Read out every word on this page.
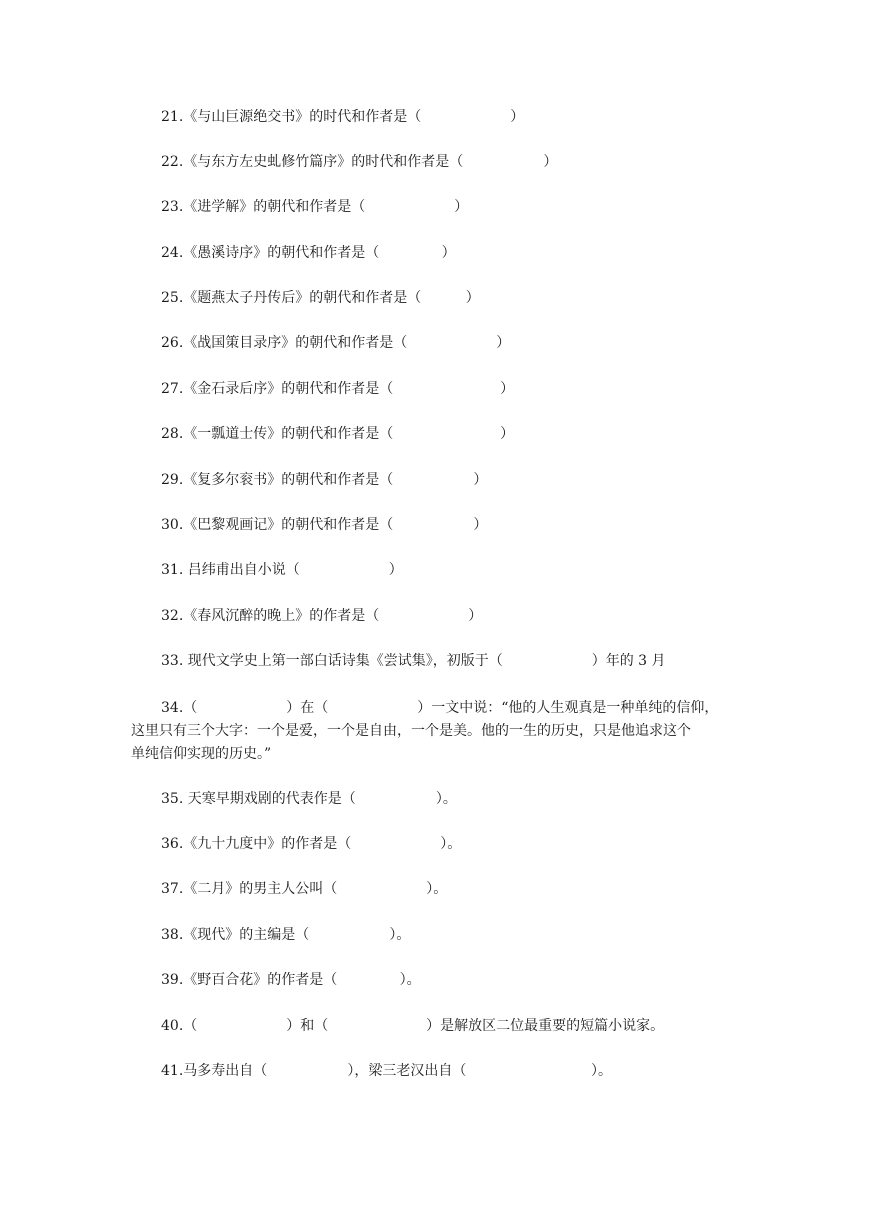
21.《与山巨源绝交书》的时代和作者是（                    ）
22.《与东方左史虬修竹篇序》的时代和作者是（                  ）
23.《进学解》的朝代和作者是（                    ）
24.《愚溪诗序》的朝代和作者是（              ）
25.《题燕太子丹传后》的朝代和作者是（          ）
26.《战国策目录序》的朝代和作者是（                    ）
27.《金石录后序》的朝代和作者是（                        ）
28.《一瓢道士传》的朝代和作者是（                        ）
29.《复多尔衮书》的朝代和作者是（                  ）
30.《巴黎观画记》的朝代和作者是（                  ）
31. 吕纬甫出自小说（                    ）
32.《春风沉醉的晚上》的作者是（                    ）
33. 现代文学史上第一部白话诗集《尝试集》，初版于（                    ）年的 3 月
34.（                    ）在（                    ）一文中说：“他的人生观真是一种单纯的信仰，
这里只有三个大字：一个是爱，一个是自由，一个是美。他的一生的历史，只是他追求这个
单纯信仰实现的历史。”
35. 天寒早期戏剧的代表作是（                  ）。
36.《九十九度中》的作者是（                    ）。
37.《二月》的男主人公叫（                    ）。
38.《现代》的主编是（                  ）。
39.《野百合花》的作者是（              ）。
40.（                    ）和（                      ）是解放区二位最重要的短篇小说家。
41.马多寿出自（                  ），梁三老汉出自（                            ）。
